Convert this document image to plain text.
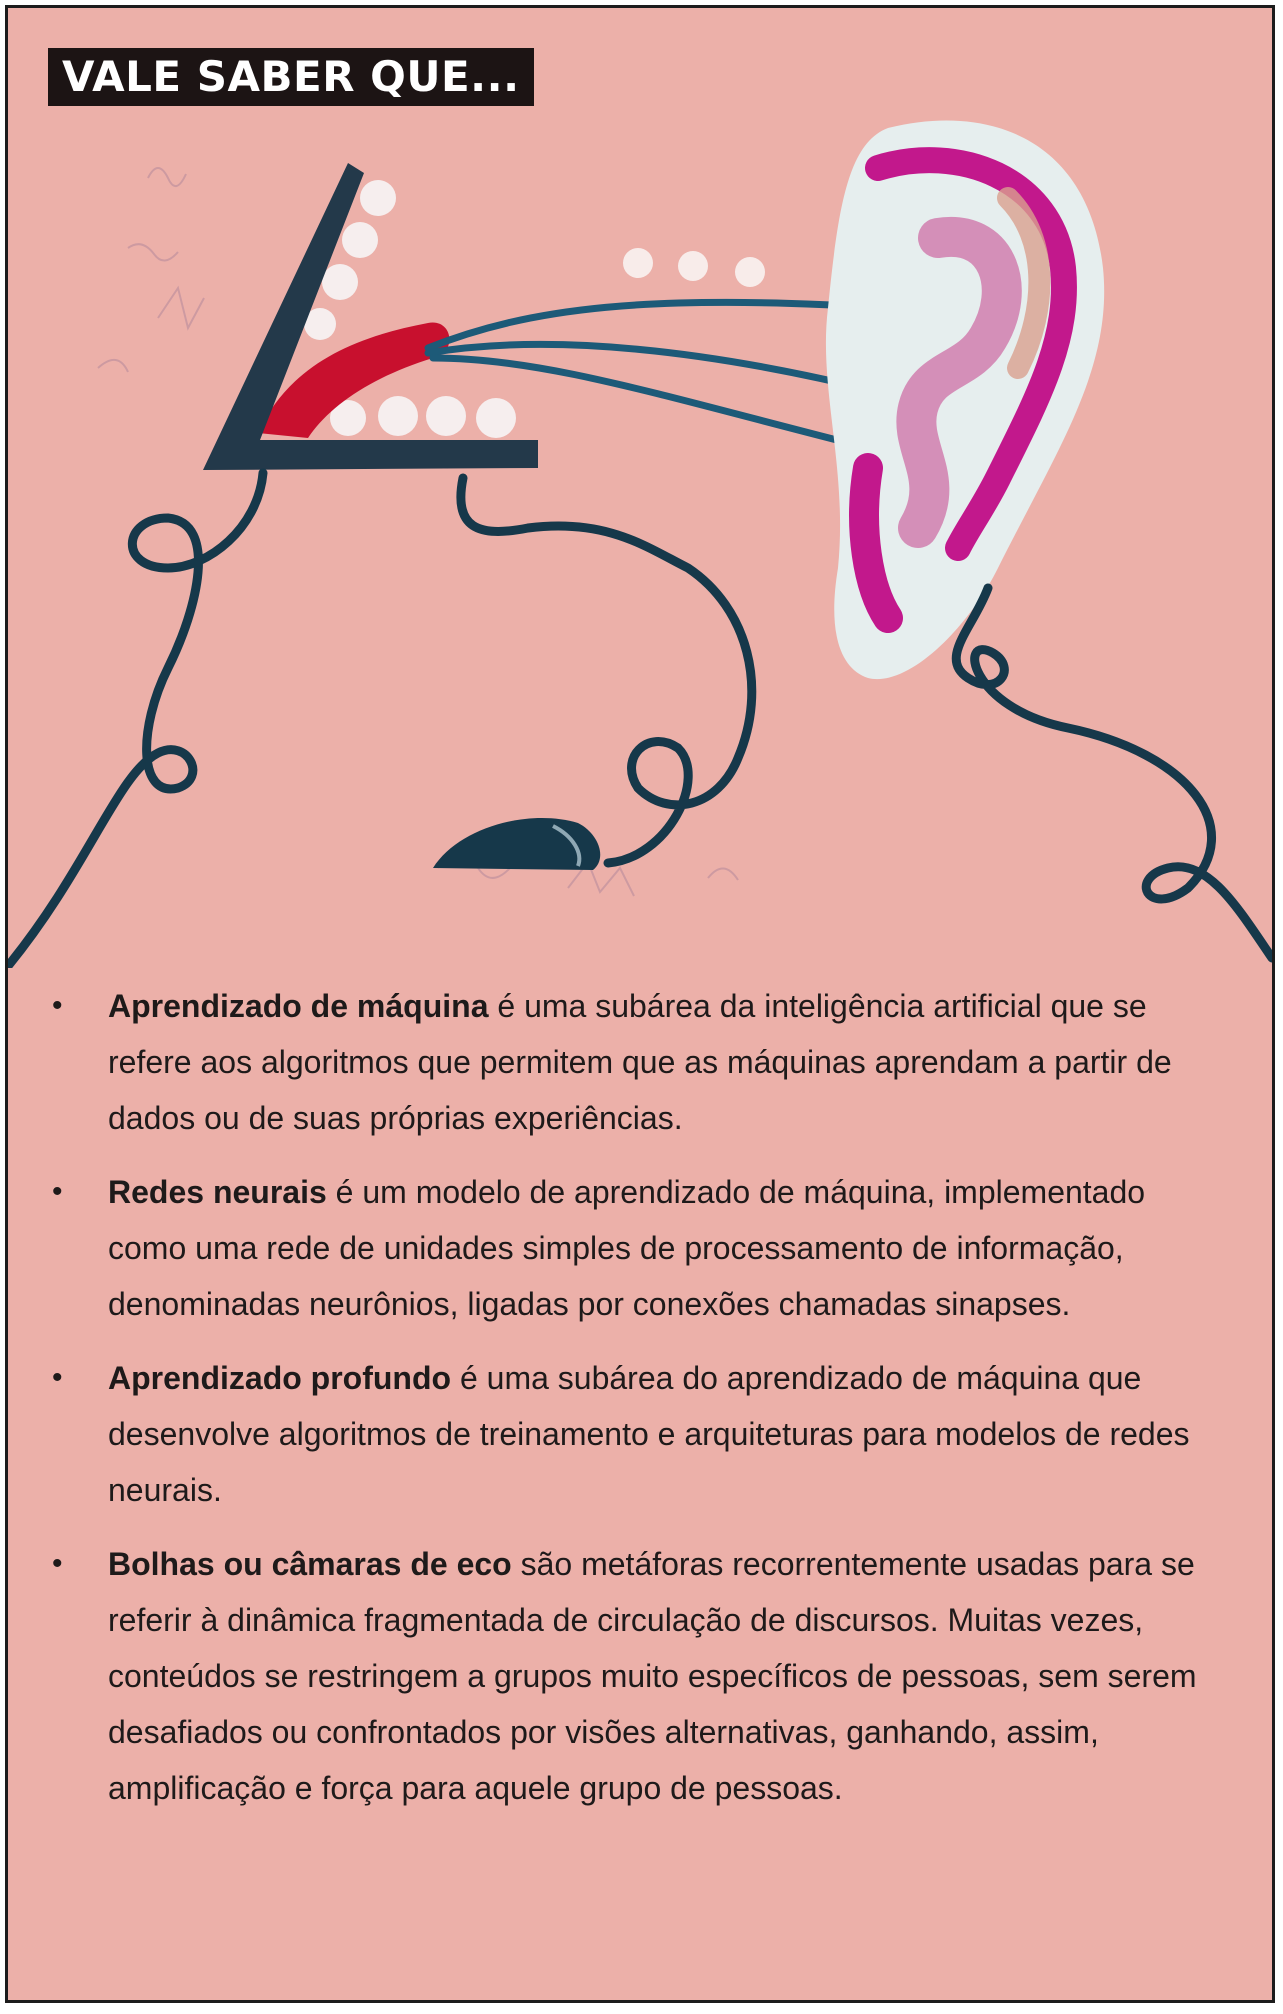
VALE SABER QUE...
• Aprendizado de máquina é uma subárea da inteligência artificial que se refere aos algoritmos que permitem que as máquinas aprendam a partir de dados ou de suas próprias experiências.
• Redes neurais é um modelo de aprendizado de máquina, implementado como uma rede de unidades simples de processamento de informação, denominadas neurônios, ligadas por conexões chamadas sinapses.
• Aprendizado profundo é uma subárea do aprendizado de máquina que desenvolve algoritmos de treinamento e arquiteturas para modelos de redes neurais.
• Bolhas ou câmaras de eco são metáforas recorrentemente usadas para se referir à dinâmica fragmentada de circulação de discursos. Muitas vezes, conteúdos se restringem a grupos muito específicos de pessoas, sem serem desafiados ou confrontados por visões alternativas, ganhando, assim, amplificação e força para aquele grupo de pessoas.
